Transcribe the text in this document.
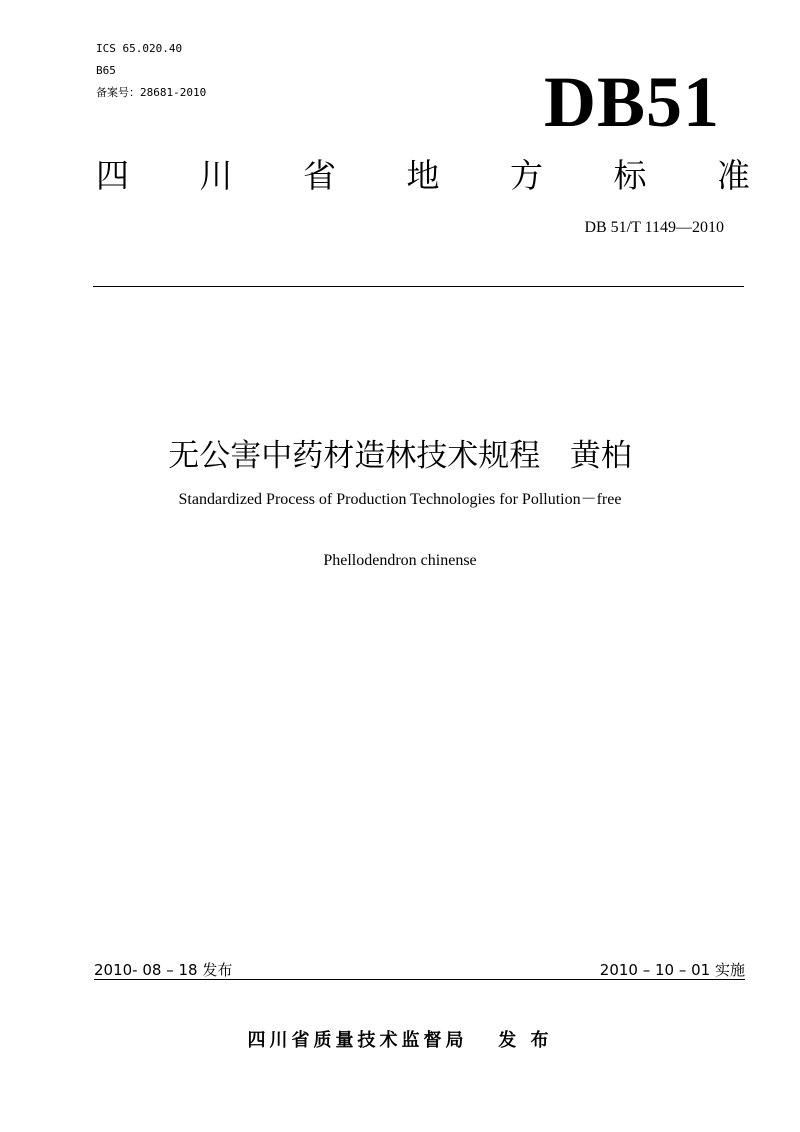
ICS 65.020.40
B65
备案号：28681-2010	DB51
四 川 省 地 方 标 准
DB 51/T 1149—2010
无公害中药材造林技术规程   黄柏
Standardized Process of Production Technologies for Pollution－free
Phellodendron chinense
2010- 08 – 18 发布	2010 – 10 – 01 实施
四川省质量技术监督局   发 布
